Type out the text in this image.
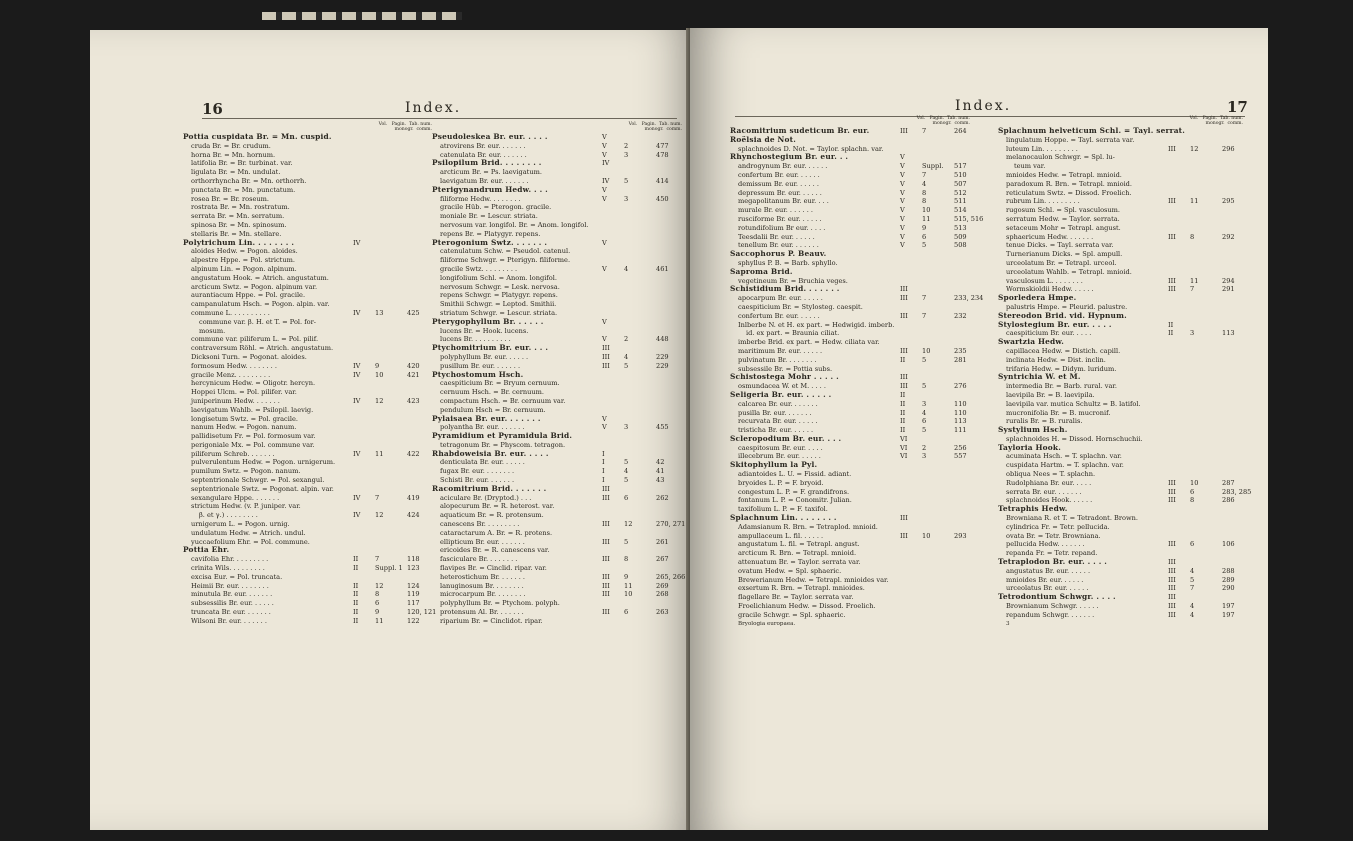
16	Index.
Vol.   Pagin.  Tab. num.
monogr.  comm.
Vol.   Pagin.  Tab. num.
monogr.  comm.
Pottia cuspidata Br. = Mn. cuspid.
cruda Br. = Br. crudum.
horna Br. = Mn. hornum.
latifolia Br. = Br. turbinat. var.
ligulata Br. = Mn. undulat.
orthorrhyncha Br. = Mn. orthorrh.
punctata Br. = Mn. punctatum.
rosea Br. = Br. roseum.
rostrata Br. = Mn. rostratum.
serrata Br. = Mn. serratum.
spinosa Br. = Mn. spinosum.
stellaris Br. = Mn. stellare.
Polytrichum Lin. . . . . . . .	IV
aloides Hedw. = Pogon. aloides.
alpestre Hppe. = Pol. strictum.
alpinum Lin. = Pogon. alpinum.
angustatum Hook. = Atrich. angustatum.
arcticum Swtz. = Pogon. alpinum var.
aurantiacum Hppe. = Pol. gracile.
campanulatum Hsch. = Pogon. alpin. var.
commune L. . . . . . . . . .	IV 13	425
commune var. β. H. et T. = Pol. for-
mosum.
commune var. piliferum L. = Pol. pilif.
contraversum Röhl. = Atrich. angustatum.
Dicksoni Turn. = Pogonat. aloides.
formosum Hedw. . . . . . . .	IV 9	420
gracile Menz. . . . . . . . .	IV 10	421
hercynicum Hedw. = Oligotr. hercyn.
Hoppei Ulcm. = Pol. pilifer. var.
juniperinum Hedw. . . . . . .	IV 12	423
laevigatum Wahlb. = Psilopil. laevig.
longisetum Swtz. = Pol. gracile.
nanum Hedw. = Pogon. nanum.
pallidisetum Fr. = Pol. formosum var.
perigoniale Mx. = Pol. commune var.
piliferum Schreb. . . . . . .	IV 11	422
pulverulentum Hedw. = Pogon. urnigerum.
pumilum Swtz. = Pogon. nanum.
septentrionale Schwgr. = Pol. sexangul.
septentrionale Swtz. = Pogonat. alpin. var.
sexangulare Hppe. . . . . . .	IV 7	419
strictum Hedw. (v. P. juniper. var.
β. et γ.) . . . . . . . .	IV 12	424
urnigerum L. = Pogon. urnig.
undulatum Hedw. = Atrich. undul.
yuccaefolium Ehr. = Pol. commune.
Pottia Ehr.
cavifolia Ehr. . . . . . . . .	II	7	118
crinita Wils. . . . . . . . .	II	Suppl. 1 123
excisa Eur. = Pol. truncata.
Heimii Br. eur. . . . . . . .	II	12	124
minutula Br. eur. . . . . . .	II	8	119
subsessilis Br. eur. . . . . .	II	6	117
truncata Br. eur. . . . . . .	II	9	120, 121
Wilsoni Br. eur. . . . . . .	II	11	122
Pseudoleskea Br. eur. . . . .	V
atrovirens Br. eur. . . . . . .	V	2	477
catenulata Br. eur. . . . . . .	V	3	478
Psilopilum Brid. . . . . . . .	IV
arcticum Br. = Ps. laevigatum.
laevigatum Br. eur. . . . . . .	IV 5	414
Pterigynandrum Hedw. . . .	V
filiforme Hedw. . . . . . . .	V	3	450
gracile Hüb. = Pterogon. gracile.
moniale Br. = Lescur. striata.
nervosum var. longifol. Br. = Anom. longifol.
repens Br. = Platygyr. repens.
Pterogonium Swtz. . . . . . .	V
catenulatum Schw. = Pseudol. catenul.
filiforme Schwgr. = Pterigyn. filiforme.
gracile Swtz. . . . . . . . .	V	4	461
longifolium Schl. = Anom. longifol.
nervosum Schwgr. = Lesk. nervosa.
repens Schwgr. = Platygyr. repens.
Smithii Schwgr. = Leptod. Smithii.
striatum Schwgr. = Lescur. striata.
Pterygophyllum Br. . . . . .	V
lucens Br. = Hook. lucens.
lucens Br. . . . . . . . . .	V	2	448
Ptychomitrium Br. eur. . . .	III
polyphyllum Br. eur. . . . . .	III 4	229
pusillum Br. eur. . . . . . .	III 5	229
Ptychostomum Hsch.
caespiticium Br. = Bryum cernuum.
cernuum Hsch. = Br. cernuum.
compactum Hsch. = Br. cernuum var.
pendulum Hsch = Br. cernuum.
Pylaisaea Br. eur. . . . . . .	V
polyantha Br. eur. . . . . . .	V	3	455
Pyramidium et Pyramidula Brid.
tetragonum Br. = Physcom. tetragon.
Rhabdoweisia Br. eur. . . . .	I
denticulata Br. eur. . . . . .	I	5	42
fugax Br. eur. . . . . . . .	I	4	41
Schisti Br. eur. . . . . . .	I	5	43
Racomitrium Brid. . . . . . .	III
aciculare Br. (Dryptod.) . . .	III 6	262
alopecurum Br. = R. heterost. var.
aquaticum Br. = R. protensum.
canescens Br. . . . . . . . .	III 12	270, 271
cataractarum A. Br. = R. protens.
ellipticum Br. eur. . . . . . .	III 5	261
ericoides Br. = R. canescens var.
fasciculare Br. . . . . . . .	III 8	267
flavipes Br. = Cinclid. ripar. var.
heterostichum Br. . . . . . .	III 9	265, 266
lanuginosum Br. . . . . . . .	III 11	269
microcarpum Br. . . . . . . .	III 10	268
polyphyllum Br. = Ptychom. polyph.
protensum Al. Br. . . . . . .	III 6	263
riparium Br. = Cinclidot. ripar.
Index.	17
Vol.   Pagin.  Tab. num.
monogr.  comm.
Vol.   Pagin.  Tab. num.
monogr.  comm.
Racomitrium sudeticum Br. eur.	III 7	264
Roëlsia de Not.
splachnoides D. Not. = Taylor. splachn. var.
Rhynchostegium Br. eur. . .	V
androgynum Br. eur. . . . . .	V	Suppl. 517
confertum Br. eur. . . . . .	V	7	510
demissum Br. eur. . . . . .	V	4	507
depressum Br. eur. . . . . .	V	8	512
megapolitanum Br. eur. . . .	V	8	511
murale Br. eur. . . . . . .	V	10	514
rusciforme Br. eur. . . . . .	V	11	515, 516
rotundifolium Br eur. . . . .	V	9	513
Teesdalii Br. eur. . . . . .	V	6	509
tenellum Br. eur. . . . . . .	V	5	508
Saccophorus P. Beauv.
sphyllus P. B. = Barb. sphyllo.
Saproma Brid.
vegetineum Br. = Bruchia veges.
Schistidium Brid. . . . . . .	III
apocarpum Br. eur. . . . . .	III 7	233, 234
caespiticium Br. = Stylosteg. caespit.
confertum Br. eur. . . . . .	III 7	232
Inlberbe N. et H. ex part. = Hedwigid. imberb.
id. ex part. = Braunia ciliat.
imberbe Brid. ex part. = Hedw. ciliata var.
maritimum Br. eur. . . . . .	III 10	235
pulvinatum Br. . . . . . . .	II	5	281
subsessile Br. = Pottia subs.
Schistostega Mohr . . . . .	III
osmundacea W. et M. . . . .	III 5	276
Seligeria Br. eur. . . . . .	II
calcarea Br. eur. . . . . . .	II	3	110
pusilla Br. eur. . . . . . .	II	4	110
recurvata Br. eur. . . . . .	II	6	113
tristicha Br. eur. . . . . .	II	5	111
Scleropodium Br. eur. . . .	VI
caespitosum Br. eur. . . . .	VI 2	256
illecebrum Br. eur. . . . . .	VI 3	557
Skitophyllum la Pyl.
adiantoides L. U. = Fissid. adiant.
bryoides L. P. = F. bryoid.
congestum L. P. = F. grandifrons.
fontanum L. P. = Conomitr. Julian.
taxifolium L. P. = F. taxifol.
Splachnum Lin. . . . . . . .	III
Adamsianum R. Brn. = Tetraplod. mnioid.
ampullaceum L. fil. . . . . .	III 10	293
angustatum L. fil. = Tetrapl. angust.
arcticum R. Brn. = Tetrapl. mnioid.
attenuatum Br. = Taylor. serrata var.
ovatum Hedw. = Spl. sphaeric.
Brewerianum Hedw. = Tetrapl. mnioides var.
exsertum R. Brn. = Tetrapl. mnioides.
flagellare Br. = Taylor. serrata var.
Froelichianum Hedw. = Dissod. Froelich.
gracile Schwgr. = Spl. sphaeric.
Bryologia europaea.
Splachnum helveticum Schl. = Tayl. serrat.
lingulatum Hoppe. = Tayl. serrata var.
luteum Lin. . . . . . . . .	III 12	296
melanocaulon Schwgr. = Spl. lu-
teum var.
mnioides Hedw. = Tetrapl. mnioid.
paradoxum R. Brn. = Tetrapl. mnioid.
reticulatum Swtz. = Dissod. Froelich.
rubrum Lin. . . . . . . . .	III 11	295
rugosum Schl. = Spl. vasculosum.
serratum Hedw. = Taylor. serrata.
setaceum Mohr = Tetrapl. angust.
sphaericum Hedw. . . . . . .	III 8	292
tenue Dicks. = Tayl. serrata var.
Turnerianum Dicks. = Spl. ampull.
urceolatum Br. = Tetrapl. urceol.
urceolatum Wahlb. = Tetrapl. mnioid.
vasculosum L. . . . . . . .	III 11	294
Wormskioldii Hedw. . . . . .	III 7	291
Sporledera Hmpe.
palustris Hmpe. = Pleurid. palustre.
Stereodon Brid. vid. Hypnum.
Stylostegium Br. eur. . . . .	II
caespiticium Br. eur. . . . .	II	3	113
Swartzia Hedw.
capillacea Hedw. = Distich. capill.
inclinata Hedw. = Dist. inclin.
trifaria Hedw. = Didym. luridum.
Syntrichia W. et M.
intermedia Br. = Barb. rural. var.
laevipila Br. = B. laevipila.
laevipila var. mutica Schultz = B. latifol.
mucronifolia Br. = B. mucronif.
ruralis Br. = B. ruralis.
Systylium Hsch.
splachnoides H. = Dissod. Hornschuchii.
Tayloria Hook.
acuminata Hsch. = T. splachn. var.
cuspidata Hartm. = T. splachn. var.
obliqua Nees = T. splachn.
Rudolphiana Br. eur. . . . .	III 10	287
serrata Br. eur. . . . . . .	III 6	283, 285
splachnoides Hook. . . . . .	III 8	286
Tetraphis Hedw.
Browniana R. et T. = Tetradont. Brown.
cylindrica Fr. = Tetr. pellucida.
ovata Br. = Tetr. Browniana.
pellucida Hedw. . . . . . .	III 6	106
repanda Fr. = Tetr. repand.
Tetraplodon Br. eur. . . . .	III
angustatus Br. eur. . . . . .	III 4	288
mnioides Br. eur. . . . . .	III 5	289
urceolatus Br. eur. . . . . .	III 7	290
Tetrodontium Schwgr. . . . .	III
Brownianum Schwgr. . . . . .	III 4	197
repandum Schwgr. . . . . . .	III 4	197
3
